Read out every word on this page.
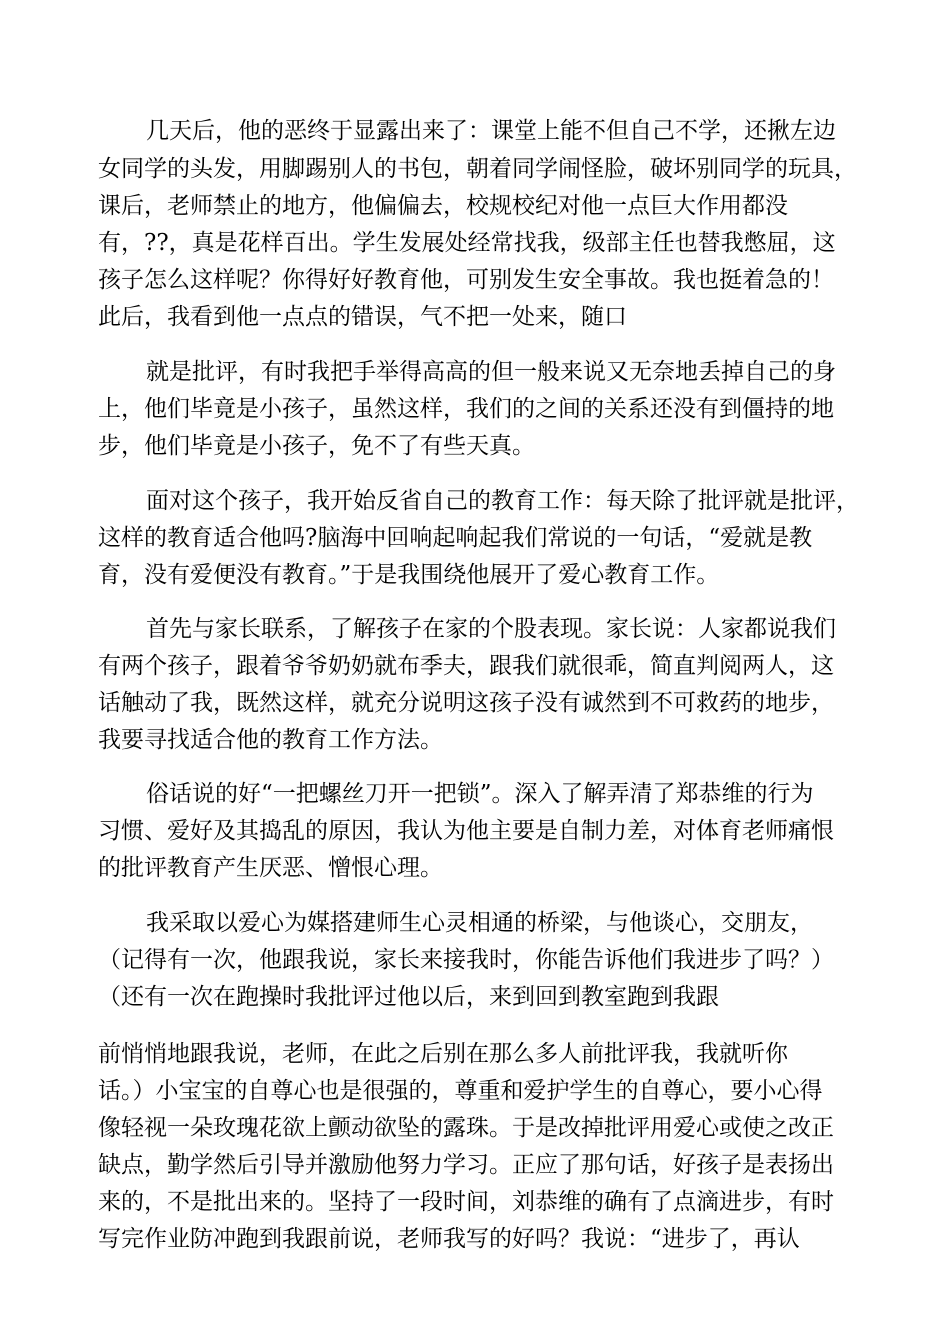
几天后，他的恶终于显露出来了：课堂上能不但自己不学，还揪左边
女同学的头发，用脚踢别人的书包，朝着同学闹怪脸，破坏别同学的玩具，
课后，老师禁止的地方，他偏偏去，校规校纪对他一点巨大作用都没
有，??，真是花样百出。学生发展处经常找我，级部主任也替我憋屈，这
孩子怎么这样呢？你得好好教育他，可别发生安全事故。我也挺着急的！
此后，我看到他一点点的错误，气不把一处来，随口
就是批评，有时我把手举得高高的但一般来说又无奈地丢掉自己的身
上，他们毕竟是小孩子，虽然这样，我们的之间的关系还没有到僵持的地
步，他们毕竟是小孩子，免不了有些天真。
面对这个孩子，我开始反省自己的教育工作：每天除了批评就是批评，
这样的教育适合他吗?脑海中回响起响起我们常说的一句话，“爱就是教
育，没有爱便没有教育。”于是我围绕他展开了爱心教育工作。
首先与家长联系，了解孩子在家的个股表现。家长说：人家都说我们
有两个孩子，跟着爷爷奶奶就布季夫，跟我们就很乖，简直判阅两人，这
话触动了我，既然这样，就充分说明这孩子没有诚然到不可救药的地步，
我要寻找适合他的教育工作方法。
俗话说的好“一把螺丝刀开一把锁”。深入了解弄清了郑恭维的行为
习惯、爱好及其捣乱的原因，我认为他主要是自制力差，对体育老师痛恨
的批评教育产生厌恶、憎恨心理。
我采取以爱心为媒搭建师生心灵相通的桥梁，与他谈心，交朋友，
（记得有一次，他跟我说，家长来接我时，你能告诉他们我进步了吗？）
（还有一次在跑操时我批评过他以后，来到回到教室跑到我跟
前悄悄地跟我说，老师，在此之后别在那么多人前批评我，我就听你
话。）小宝宝的自尊心也是很强的，尊重和爱护学生的自尊心，要小心得
像轻视一朵玫瑰花欲上颤动欲坠的露珠。于是改掉批评用爱心或使之改正
缺点，勤学然后引导并激励他努力学习。正应了那句话，好孩子是表扬出
来的，不是批出来的。坚持了一段时间，刘恭维的确有了点滴进步，有时
写完作业防冲跑到我跟前说，老师我写的好吗？我说：“进步了，再认
